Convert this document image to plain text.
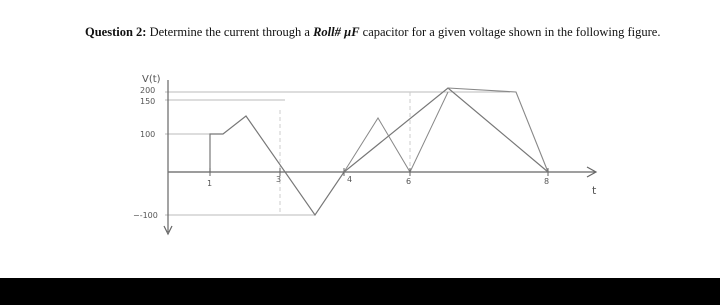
Question 2: Determine the current through a Roll# µF capacitor for a given voltage shown in the following figure.
V(t)
200
150
100
−-100
1	3	4	6	8
t
